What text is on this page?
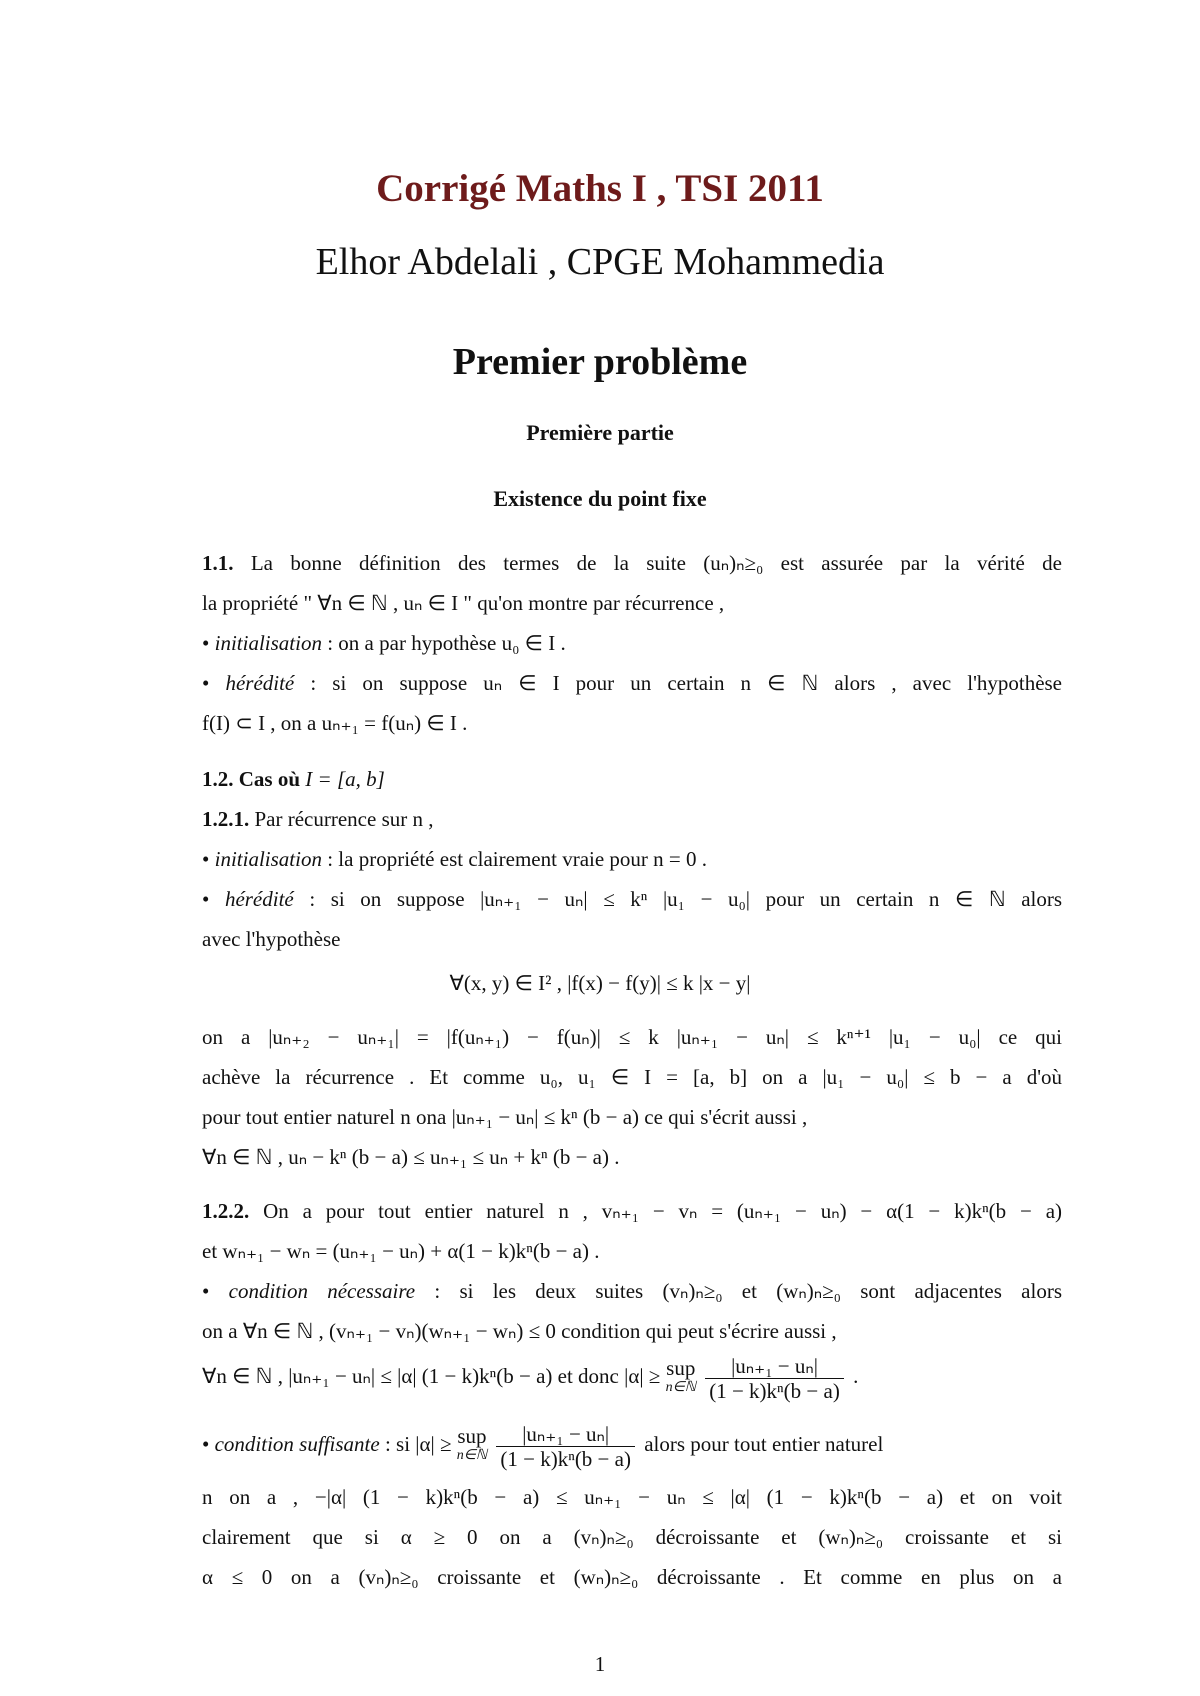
Corrigé Maths I , TSI 2011
Elhor Abdelali , CPGE Mohammedia
Premier problème
Première partie
Existence du point fixe
1.1. La bonne définition des termes de la suite (uₙ)ₙ≥₀ est assurée par la vérité de
la propriété " ∀n ∈ ℕ , uₙ ∈ I " qu'on montre par récurrence ,
• initialisation : on a par hypothèse u₀ ∈ I .
• hérédité : si on suppose uₙ ∈ I pour un certain n ∈ ℕ alors , avec l'hypothèse
f(I) ⊂ I , on a uₙ₊₁ = f(uₙ) ∈ I .
1.2. Cas où I = [a, b]
1.2.1. Par récurrence sur n ,
• initialisation : la propriété est clairement vraie pour n = 0 .
• hérédité : si on suppose |uₙ₊₁ − uₙ| ≤ kⁿ |u₁ − u₀| pour un certain n ∈ ℕ alors
avec l'hypothèse
∀(x, y) ∈ I² , |f(x) − f(y)| ≤ k |x − y|
on a |uₙ₊₂ − uₙ₊₁| = |f(uₙ₊₁) − f(uₙ)| ≤ k |uₙ₊₁ − uₙ| ≤ kⁿ⁺¹ |u₁ − u₀| ce qui
achève la récurrence . Et comme u₀, u₁ ∈ I = [a, b] on a |u₁ − u₀| ≤ b − a d'où
pour tout entier naturel n ona |uₙ₊₁ − uₙ| ≤ kⁿ (b − a) ce qui s'écrit aussi ,
∀n ∈ ℕ , uₙ − kⁿ (b − a) ≤ uₙ₊₁ ≤ uₙ + kⁿ (b − a) .
1.2.2. On a pour tout entier naturel n , vₙ₊₁ − vₙ = (uₙ₊₁ − uₙ) − α(1 − k)kⁿ(b − a)
et wₙ₊₁ − wₙ = (uₙ₊₁ − uₙ) + α(1 − k)kⁿ(b − a) .
• condition nécessaire : si les deux suites (vₙ)ₙ≥₀ et (wₙ)ₙ≥₀ sont adjacentes alors
on a ∀n ∈ ℕ , (vₙ₊₁ − vₙ)(wₙ₊₁ − wₙ) ≤ 0 condition qui peut s'écrire aussi ,
∀n ∈ ℕ , |uₙ₊₁ − uₙ| ≤ |α| (1 − k)kⁿ(b − a) et donc |α| ≥ sup
n∈ℕ
$\frac{\text{|uₙ₊₁ − uₙ|}}{\text{(1 − k)kⁿ(b − a)}}$ .
• condition suffisante : si |α| ≥ sup
n∈ℕ
$\frac{\text{|uₙ₊₁ − uₙ|}}{\text{(1 − k)kⁿ(b − a)}}$ alors pour tout entier naturel
n on a , −|α| (1 − k)kⁿ(b − a) ≤ uₙ₊₁ − uₙ ≤ |α| (1 − k)kⁿ(b − a) et on voit
clairement que si α ≥ 0 on a (vₙ)ₙ≥₀ décroissante et (wₙ)ₙ≥₀ croissante et si
α ≤ 0 on a (vₙ)ₙ≥₀ croissante et (wₙ)ₙ≥₀ décroissante . Et comme en plus on a
1
